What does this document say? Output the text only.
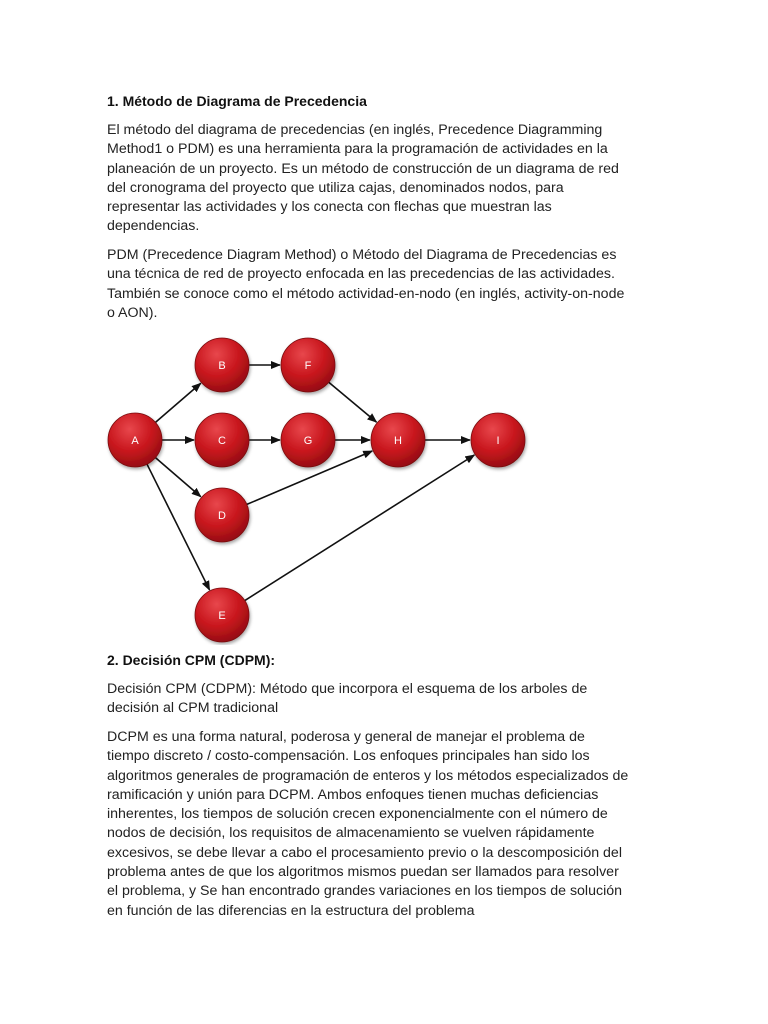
1. Método de Diagrama de Precedencia

El método del diagrama de precedencias (en inglés, Precedence Diagramming
Method1 o PDM) es una herramienta para la programación de actividades en la
planeación de un proyecto. Es un método de construcción de un diagrama de red
del cronograma del proyecto que utiliza cajas, denominados nodos, para
representar las actividades y los conecta con flechas que muestran las
dependencias.

PDM (Precedence Diagram Method) o Método del Diagrama de Precedencias es
una técnica de red de proyecto enfocada en las precedencias de las actividades.
También se conoce como el método actividad-en-nodo (en inglés, activity-on-node
o AON).

A
B
C
D
E
F
G	H	I
2. Decisión CPM (CDPM):

Decisión CPM (CDPM): Método que incorpora el esquema de los arboles de
decisión al CPM tradicional

DCPM es una forma natural, poderosa y general de manejar el problema de
tiempo discreto / costo-compensación. Los enfoques principales han sido los
algoritmos generales de programación de enteros y los métodos especializados de
ramificación y unión para DCPM. Ambos enfoques tienen muchas deficiencias
inherentes, los tiempos de solución crecen exponencialmente con el número de
nodos de decisión, los requisitos de almacenamiento se vuelven rápidamente
excesivos, se debe llevar a cabo el procesamiento previo o la descomposición del
problema antes de que los algoritmos mismos puedan ser llamados para resolver
el problema, y Se han encontrado grandes variaciones en los tiempos de solución
en función de las diferencias en la estructura del problema
